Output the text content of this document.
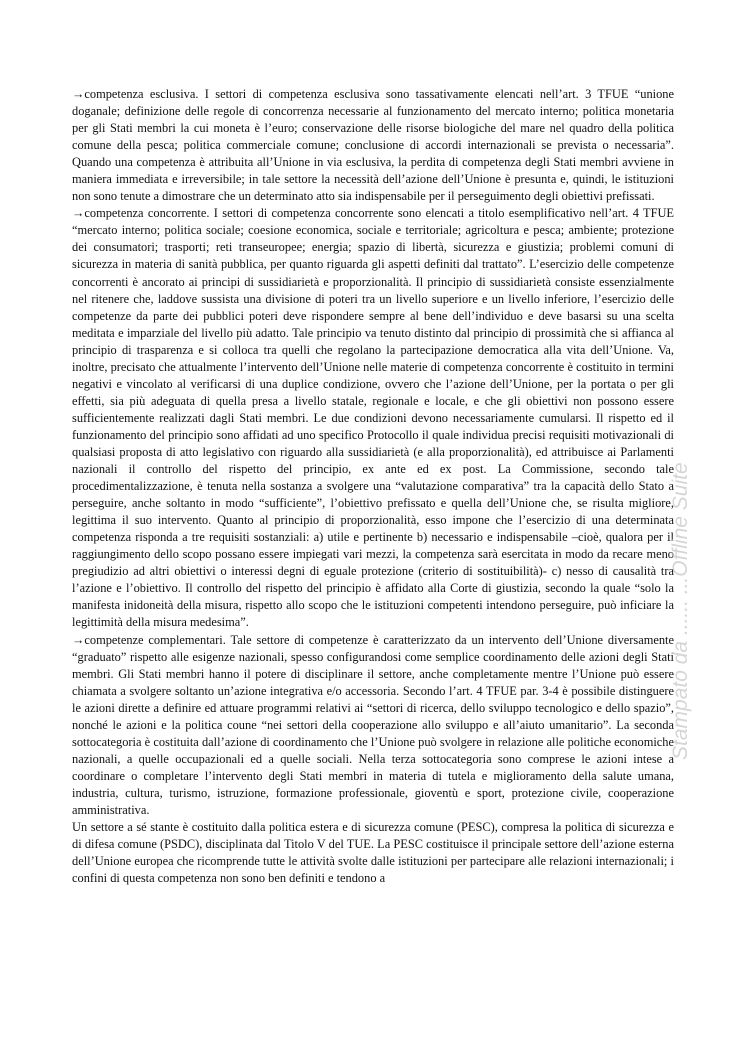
→competenza esclusiva. I settori di competenza esclusiva sono tassativamente elencati nell’art. 3 TFUE “unione doganale; definizione delle regole di concorrenza necessarie al funzionamento del mercato interno; politica monetaria per gli Stati membri la cui moneta è l’euro; conservazione delle risorse biologiche del mare nel quadro della politica comune della pesca; politica commerciale comune; conclusione di accordi internazionali se prevista o necessaria”. Quando una competenza è attribuita all’Unione in via esclusiva, la perdita di competenza degli Stati membri avviene in maniera immediata e irreversibile; in tale settore la necessità dell’azione dell’Unione è presunta e, quindi, le istituzioni non sono tenute a dimostrare che un determinato atto sia indispensabile per il perseguimento degli obiettivi prefissati.

→competenza concorrente. I settori di competenza concorrente sono elencati a titolo esemplificativo nell’art. 4 TFUE “mercato interno; politica sociale; coesione economica, sociale e territoriale; agricoltura e pesca; ambiente; protezione dei consumatori; trasporti; reti transeuropee; energia; spazio di libertà, sicurezza e giustizia; problemi comuni di sicurezza in materia di sanità pubblica, per quanto riguarda gli aspetti definiti dal trattato”. L’esercizio delle competenze concorrenti è ancorato ai principi di sussidiarietà e proporzionalità. Il principio di sussidiarietà consiste essenzialmente nel ritenere che, laddove sussista una divisione di poteri tra un livello superiore e un livello inferiore, l’esercizio delle competenze da parte dei pubblici poteri deve rispondere sempre al bene dell’individuo e deve basarsi su una scelta meditata e imparziale del livello più adatto. Tale principio va tenuto distinto dal principio di prossimità che si affianca al principio di trasparenza e si colloca tra quelli che regolano la partecipazione democratica alla vita dell’Unione. Va, inoltre, precisato che attualmente l’intervento dell’Unione nelle materie di competenza concorrente è costituito in termini negativi e vincolato al verificarsi di una duplice condizione, ovvero che l’azione dell’Unione, per la portata o per gli effetti, sia più adeguata di quella presa a livello statale, regionale e locale, e che gli obiettivi non possono essere sufficientemente realizzati dagli Stati membri. Le due condizioni devono necessariamente cumularsi. Il rispetto ed il funzionamento del principio sono affidati ad uno specifico Protocollo il quale individua precisi requisiti motivazionali di qualsiasi proposta di atto legislativo con riguardo alla sussidiarietà (e alla proporzionalità), ed attribuisce ai Parlamenti nazionali il controllo del rispetto del principio, ex ante ed ex post. La Commissione, secondo tale procedimentalizzazione, è tenuta nella sostanza a svolgere una “valutazione comparativa” tra la capacità dello Stato a perseguire, anche soltanto in modo “sufficiente”, l’obiettivo prefissato e quella dell’Unione che, se risulta migliore, legittima il suo intervento. Quanto al principio di proporzionalità, esso impone che l’esercizio di una determinata competenza risponda a tre requisiti sostanziali: a) utile e pertinente b) necessario e indispensabile –cioè, qualora per il raggiungimento dello scopo possano essere impiegati vari mezzi, la competenza sarà esercitata in modo da recare meno pregiudizio ad altri obiettivi o interessi degni di eguale protezione (criterio di sostituibilità)- c) nesso di causalità tra l’azione e l’obiettivo. Il controllo del rispetto del principio è affidato alla Corte di giustizia, secondo la quale “solo la manifesta inidoneità della misura, rispetto allo scopo che le istituzioni competenti intendono perseguire, può inficiare la legittimità della misura medesima”.

→competenze complementari. Tale settore di competenze è caratterizzato da un intervento dell’Unione diversamente “graduato” rispetto alle esigenze nazionali, spesso configurandosi come semplice coordinamento delle azioni degli Stati membri. Gli Stati membri hanno il potere di disciplinare il settore, anche completamente mentre l’Unione può essere chiamata a svolgere soltanto un’azione integrativa e/o accessoria. Secondo l’art. 4 TFUE par. 3-4 è possibile distinguere le azioni dirette a definire ed attuare programmi relativi ai “settori di ricerca, dello sviluppo tecnologico e dello spazio”, nonché le azioni e la politica coune “nei settori della cooperazione allo sviluppo e all’aiuto umanitario”. La seconda sottocategoria è costituita dall’azione di coordinamento che l’Unione può svolgere in relazione alle politiche economiche nazionali, a quelle occupazionali ed a quelle sociali. Nella terza sottocategoria sono comprese le azioni intese a coordinare o completare l’intervento degli Stati membri in materia di tutela e miglioramento della salute umana, industria, cultura, turismo, istruzione, formazione professionale, gioventù e sport, protezione civile, cooperazione amministrativa.

Un settore a sé stante è costituito dalla politica estera e di sicurezza comune (PESC), compresa la politica di sicurezza e di difesa comune (PSDC), disciplinata dal Titolo V del TUE. La PESC costituisce il principale settore dell’azione esterna dell’Unione europea che ricomprende tutte le attività svolte dalle istituzioni per partecipare alle relazioni internazionali; i confini di questa competenza non sono ben definiti e tendono a

Stampato da ...... ...Offline Suite
